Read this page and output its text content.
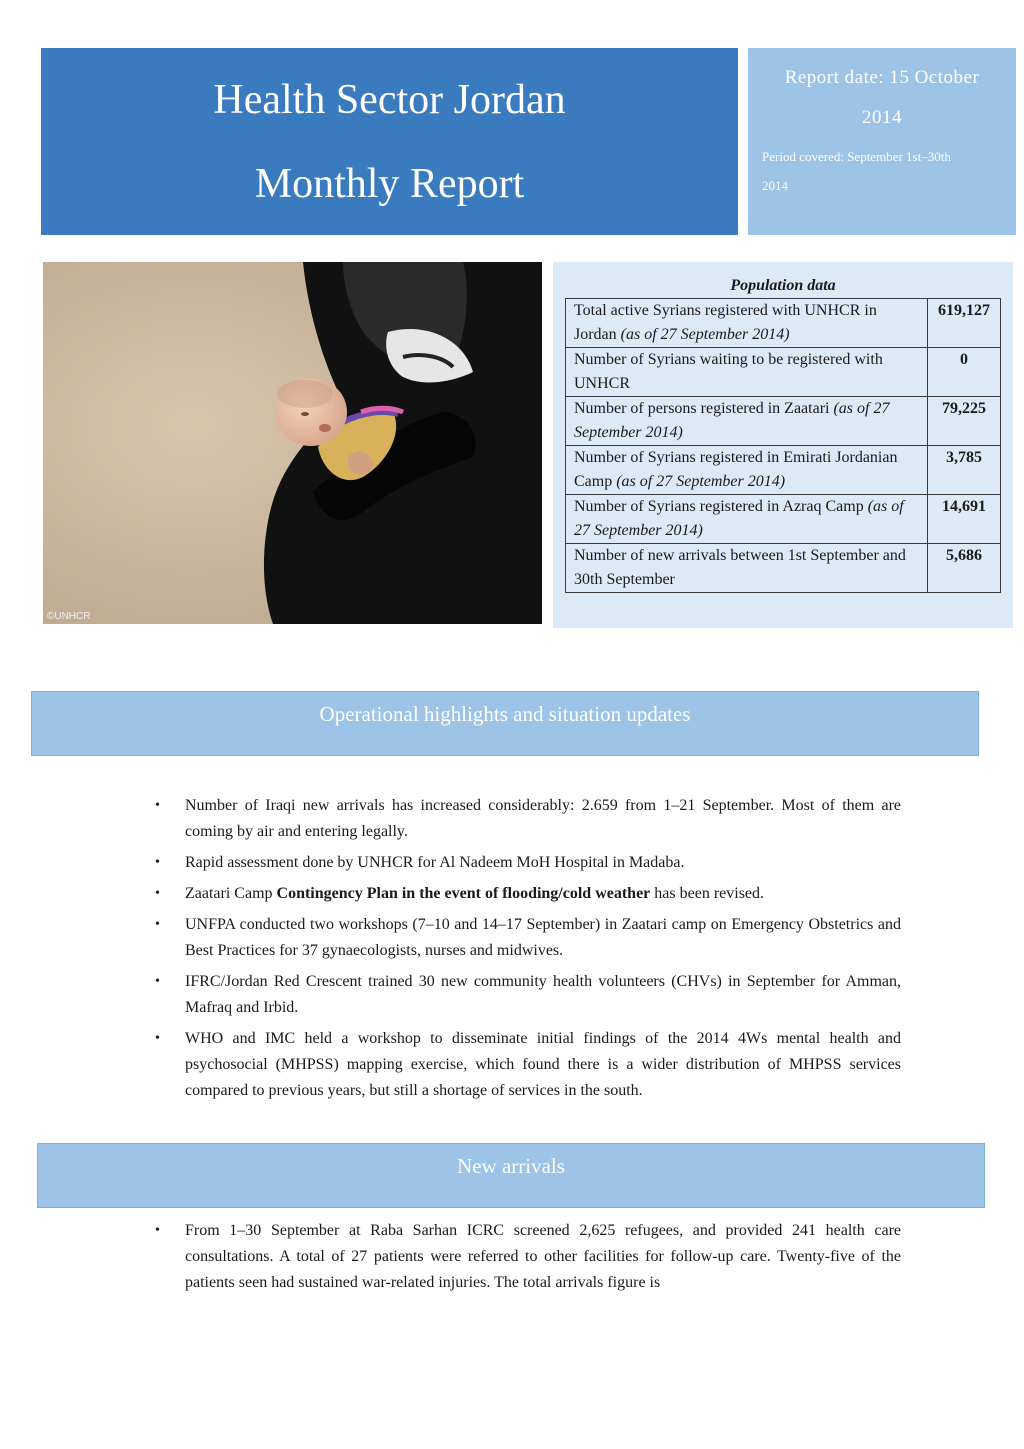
Health Sector Jordan
Monthly Report
Report date: 15 October
2014
Period covered: September 1st–30th
2014
©UNHCR
Population data
Total active Syrians registered with UNHCR in Jordan (as of 27 September 2014)	619,127
Number of Syrians waiting to be registered with UNHCR	0
Number of persons registered in Zaatari (as of 27 September 2014)	79,225
Number of Syrians registered in Emirati Jordanian Camp (as of 27 September 2014)	3,785
Number of Syrians registered in Azraq Camp (as of 27 September 2014)	14,691
Number of new arrivals between 1st September and 30th September	5,686
Operational highlights and situation updates
• Number of Iraqi new arrivals has increased considerably: 2.659 from 1–21 September. Most of them are coming by air and entering legally.
• Rapid assessment done by UNHCR for Al Nadeem MoH Hospital in Madaba.
• Zaatari Camp Contingency Plan in the event of flooding/cold weather has been revised.
• UNFPA conducted two workshops (7–10 and 14–17 September) in Zaatari camp on Emergency Obstetrics and Best Practices for 37 gynaecologists, nurses and midwives.
• IFRC/Jordan Red Crescent trained 30 new community health volunteers (CHVs) in September for Amman, Mafraq and Irbid.
• WHO and IMC held a workshop to disseminate initial findings of the 2014 4Ws mental health and psychosocial (MHPSS) mapping exercise, which found there is a wider distribution of MHPSS services compared to previous years, but still a shortage of services in the south.
New arrivals
• From 1–30 September at Raba Sarhan ICRC screened 2,625 refugees, and provided 241 health care consultations. A total of 27 patients were referred to other facilities for follow-up care. Twenty-five of the patients seen had sustained war-related injuries. The total arrivals figure is
